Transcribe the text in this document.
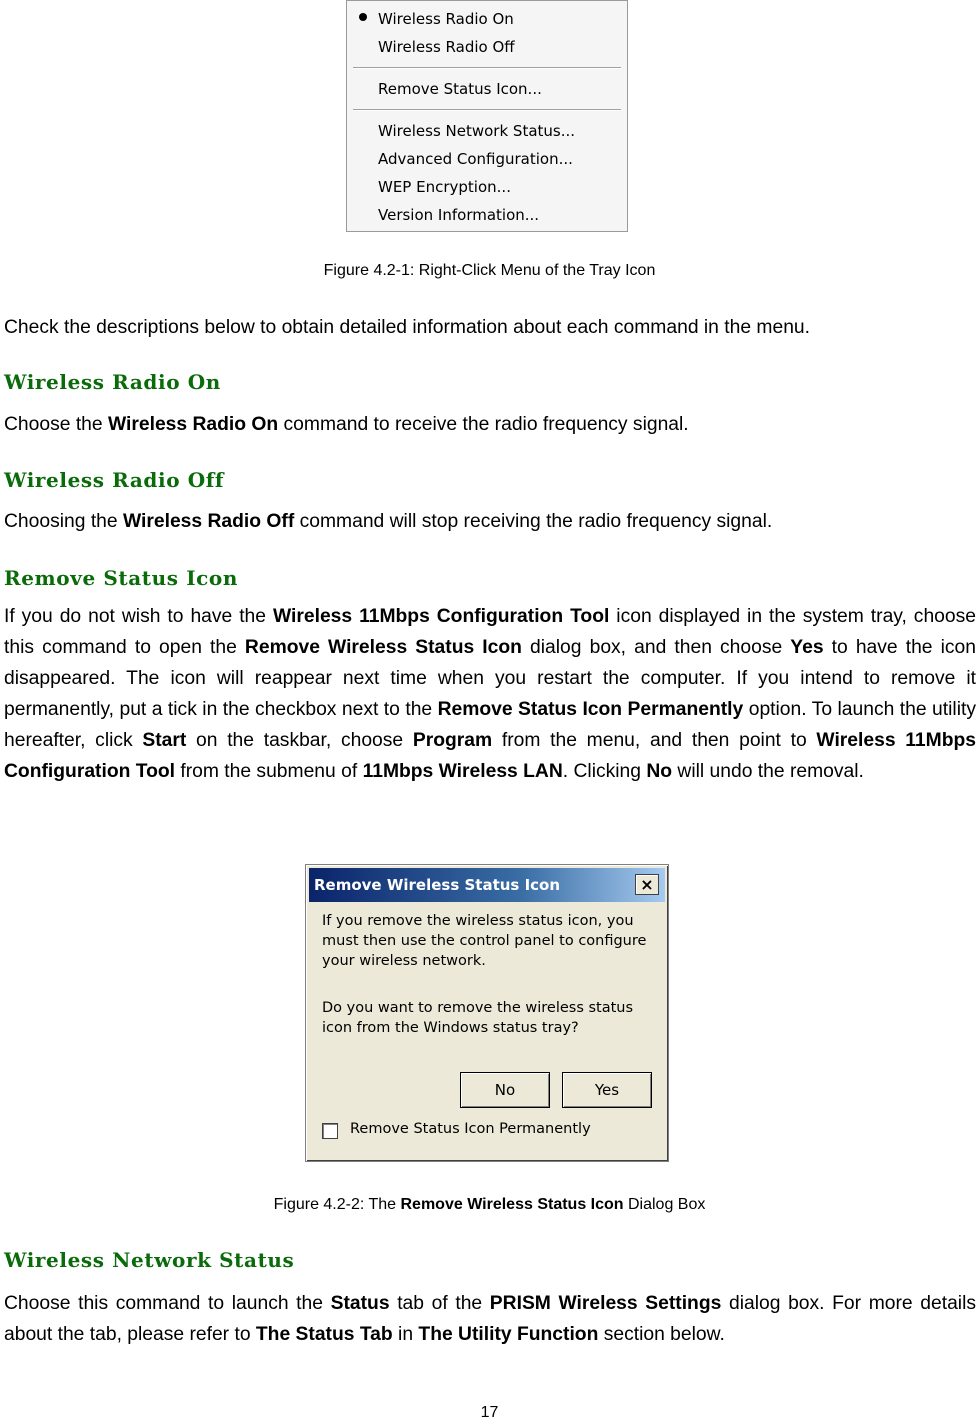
Wireless Radio On
Wireless Radio Off
Remove Status Icon...
Wireless Network Status...
Advanced Configuration...
WEP Encryption...
Version Information...
Figure 4.2-1: Right-Click Menu of the Tray Icon
Check the descriptions below to obtain detailed information about each command in the menu.
Wireless Radio On
Choose the Wireless Radio On command to receive the radio frequency signal.
Wireless Radio Off
Choosing the Wireless Radio Off command will stop receiving the radio frequency signal.
Remove Status Icon
If you do not wish to have the Wireless 11Mbps Configuration Tool icon displayed in the system tray, choose this command to open the Remove Wireless Status Icon dialog box, and then choose Yes to have the icon disappeared. The icon will reappear next time when you restart the computer. If you intend to remove it permanently, put a tick in the checkbox next to the Remove Status Icon Permanently option. To launch the utility hereafter, click Start on the taskbar, choose Program from the menu, and then point to Wireless 11Mbps Configuration Tool from the submenu of 11Mbps Wireless LAN. Clicking No will undo the removal.
Remove Wireless Status Icon	×
If you remove the wireless status icon, you
must then use the control panel to configure
your wireless network.
Do you want to remove the wireless status
icon from the Windows status tray?
No	Yes
Remove Status Icon Permanently
Figure 4.2-2: The Remove Wireless Status Icon Dialog Box
Wireless Network Status
Choose this command to launch the Status tab of the PRISM Wireless Settings dialog box. For more details about the tab, please refer to The Status Tab in The Utility Function section below.
17
